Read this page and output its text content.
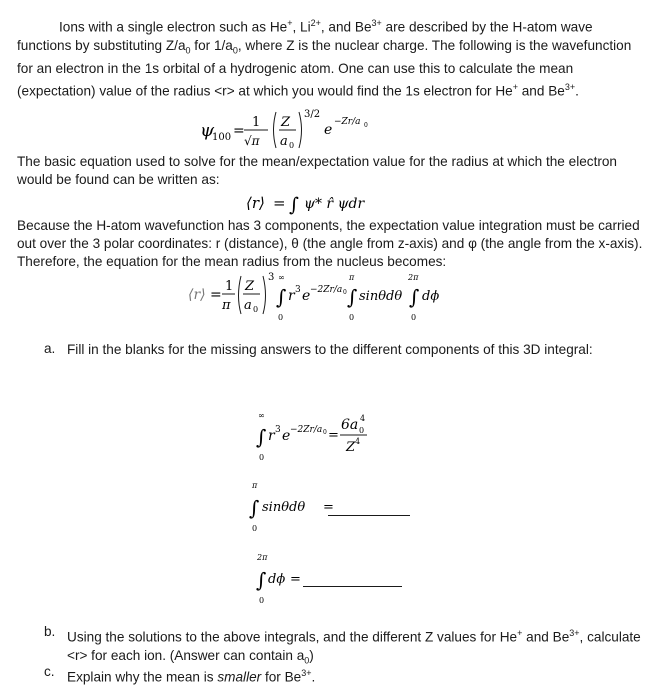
Ions with a single electron such as He+, $Li^{2+}$, and $Be^{3+}$ are described by the H-atom wave functions by substituting $Z/a_0$ for $1/a_0$, where Z is the nuclear charge. The following is the wavefunction for an electron in the 1s orbital of a hydrogenic atom. One can use this to calculate the mean (expectation) value of the radius <r> at which you would find the 1s electron for He+ and $Be^{3+}$.

ψ
100 =
1
√π
Z
a 0
3/2
e −Zr/a 0

The basic equation used to solve for the mean/expectation value for the radius at which the electron would be found can be written as:

⟨r⟩ = ∫ ψ* r̂ ψdr

Because the H-atom wavefunction has 3 components, the expectation value integration must be carried out over the 3 polar coordinates: r (distance), θ (the angle from z-axis) and φ (the angle from the x-axis). Therefore, the equation for the mean radius from the nucleus becomes:

⟨r⟩ =
1
π
Z
a 0
3 ∞
∫
0
r 3 e −2Zr/a 0
π
∫
0
sinθdθ
2π
∫
0
dϕ
a. Fill in the blanks for the missing answers to the different components of this 3D integral:
∞
∫
0
r 3 e −2Zr/a 0 =
6a 0
4
Z 4
π
∫
0
sinθdθ =
2π
∫
0
dϕ =
b. Using the solutions to the above integrals, and the different Z values for He+ and $Be^{3+}$, calculate <r> for each ion. (Answer can contain $a_0$)
c. Explain why the mean is smaller for $Be^{3+}$.
